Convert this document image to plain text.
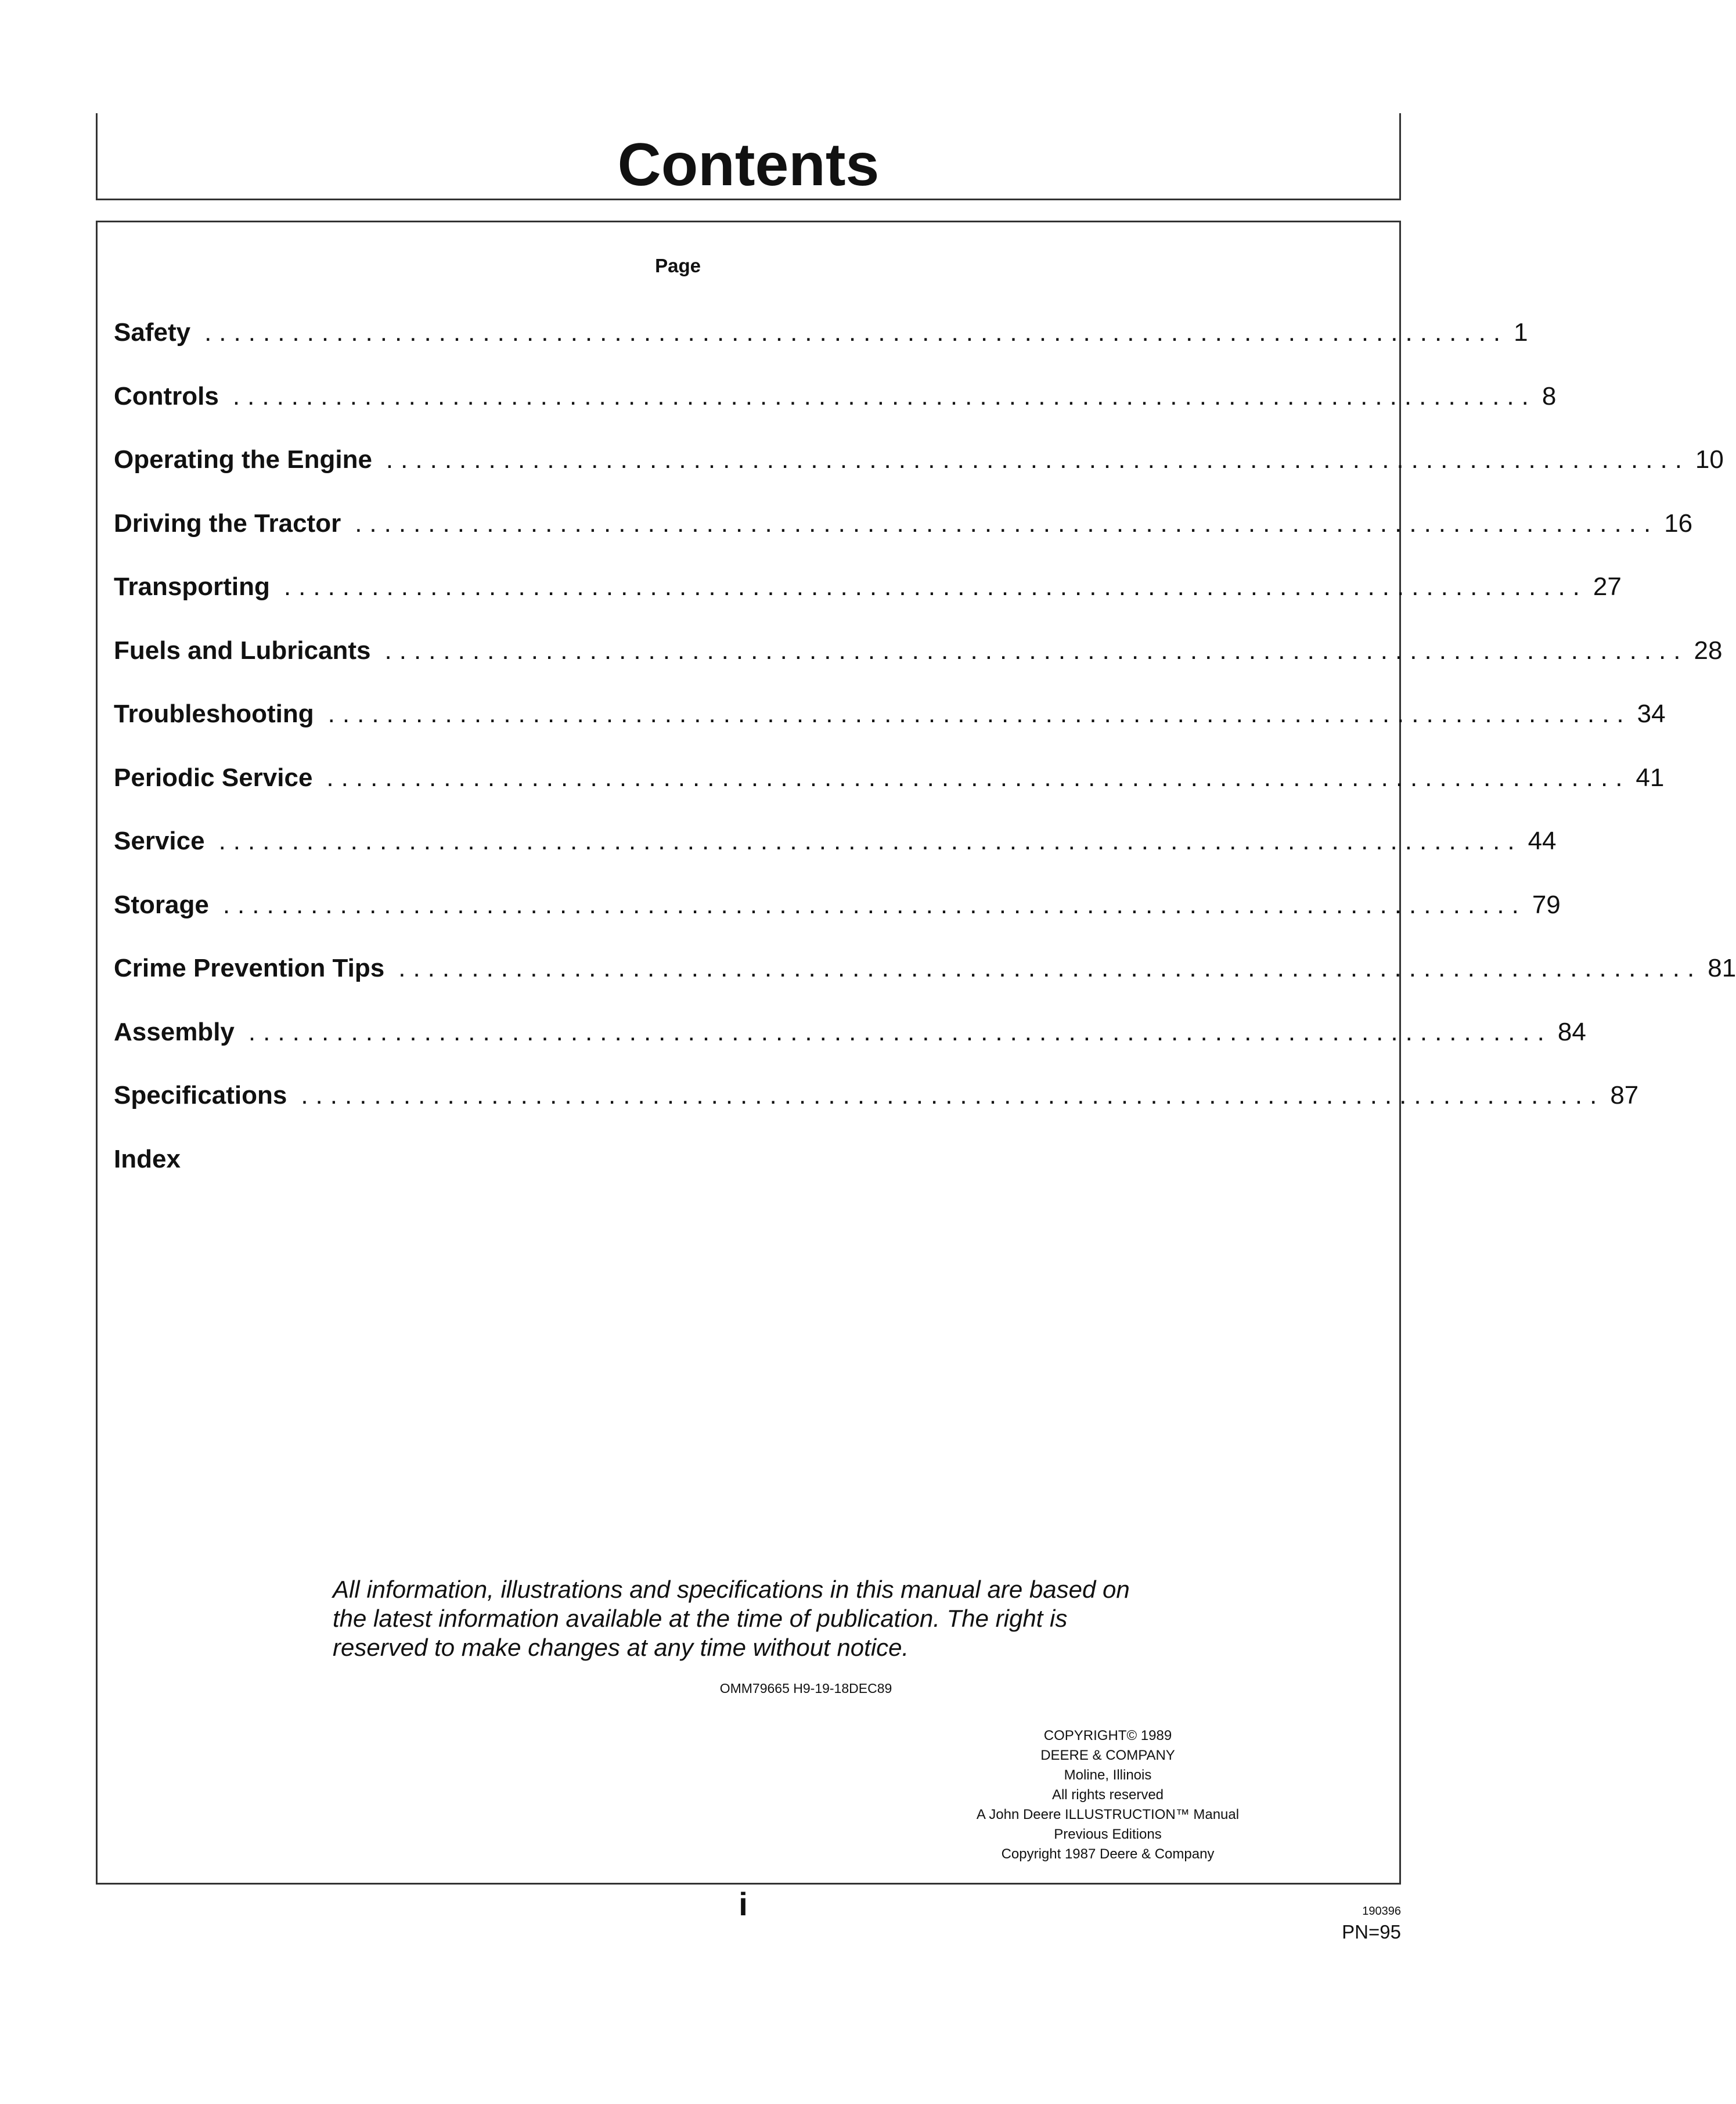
Contents
Page
Safety ......................................................................................... 1
Controls ......................................................................................... 8
Operating the Engine ......................................................................................... 10
Driving the Tractor ......................................................................................... 16
Transporting ......................................................................................... 27
Fuels and Lubricants ......................................................................................... 28
Troubleshooting ......................................................................................... 34
Periodic Service ......................................................................................... 41
Service ......................................................................................... 44
Storage ......................................................................................... 79
Crime Prevention Tips ......................................................................................... 81
Assembly ......................................................................................... 84
Specifications ......................................................................................... 87
Index
All information, illustrations and specifications in this manual are based on
the latest information available at the time of publication. The right is
reserved to make changes at any time without notice.
OMM79665 H9-19-18DEC89
COPYRIGHT© 1989
DEERE & COMPANY
Moline, Illinois
All rights reserved
A John Deere ILLUSTRUCTION™ Manual
Previous Editions
Copyright 1987 Deere & Company
i	190396
PN=95
